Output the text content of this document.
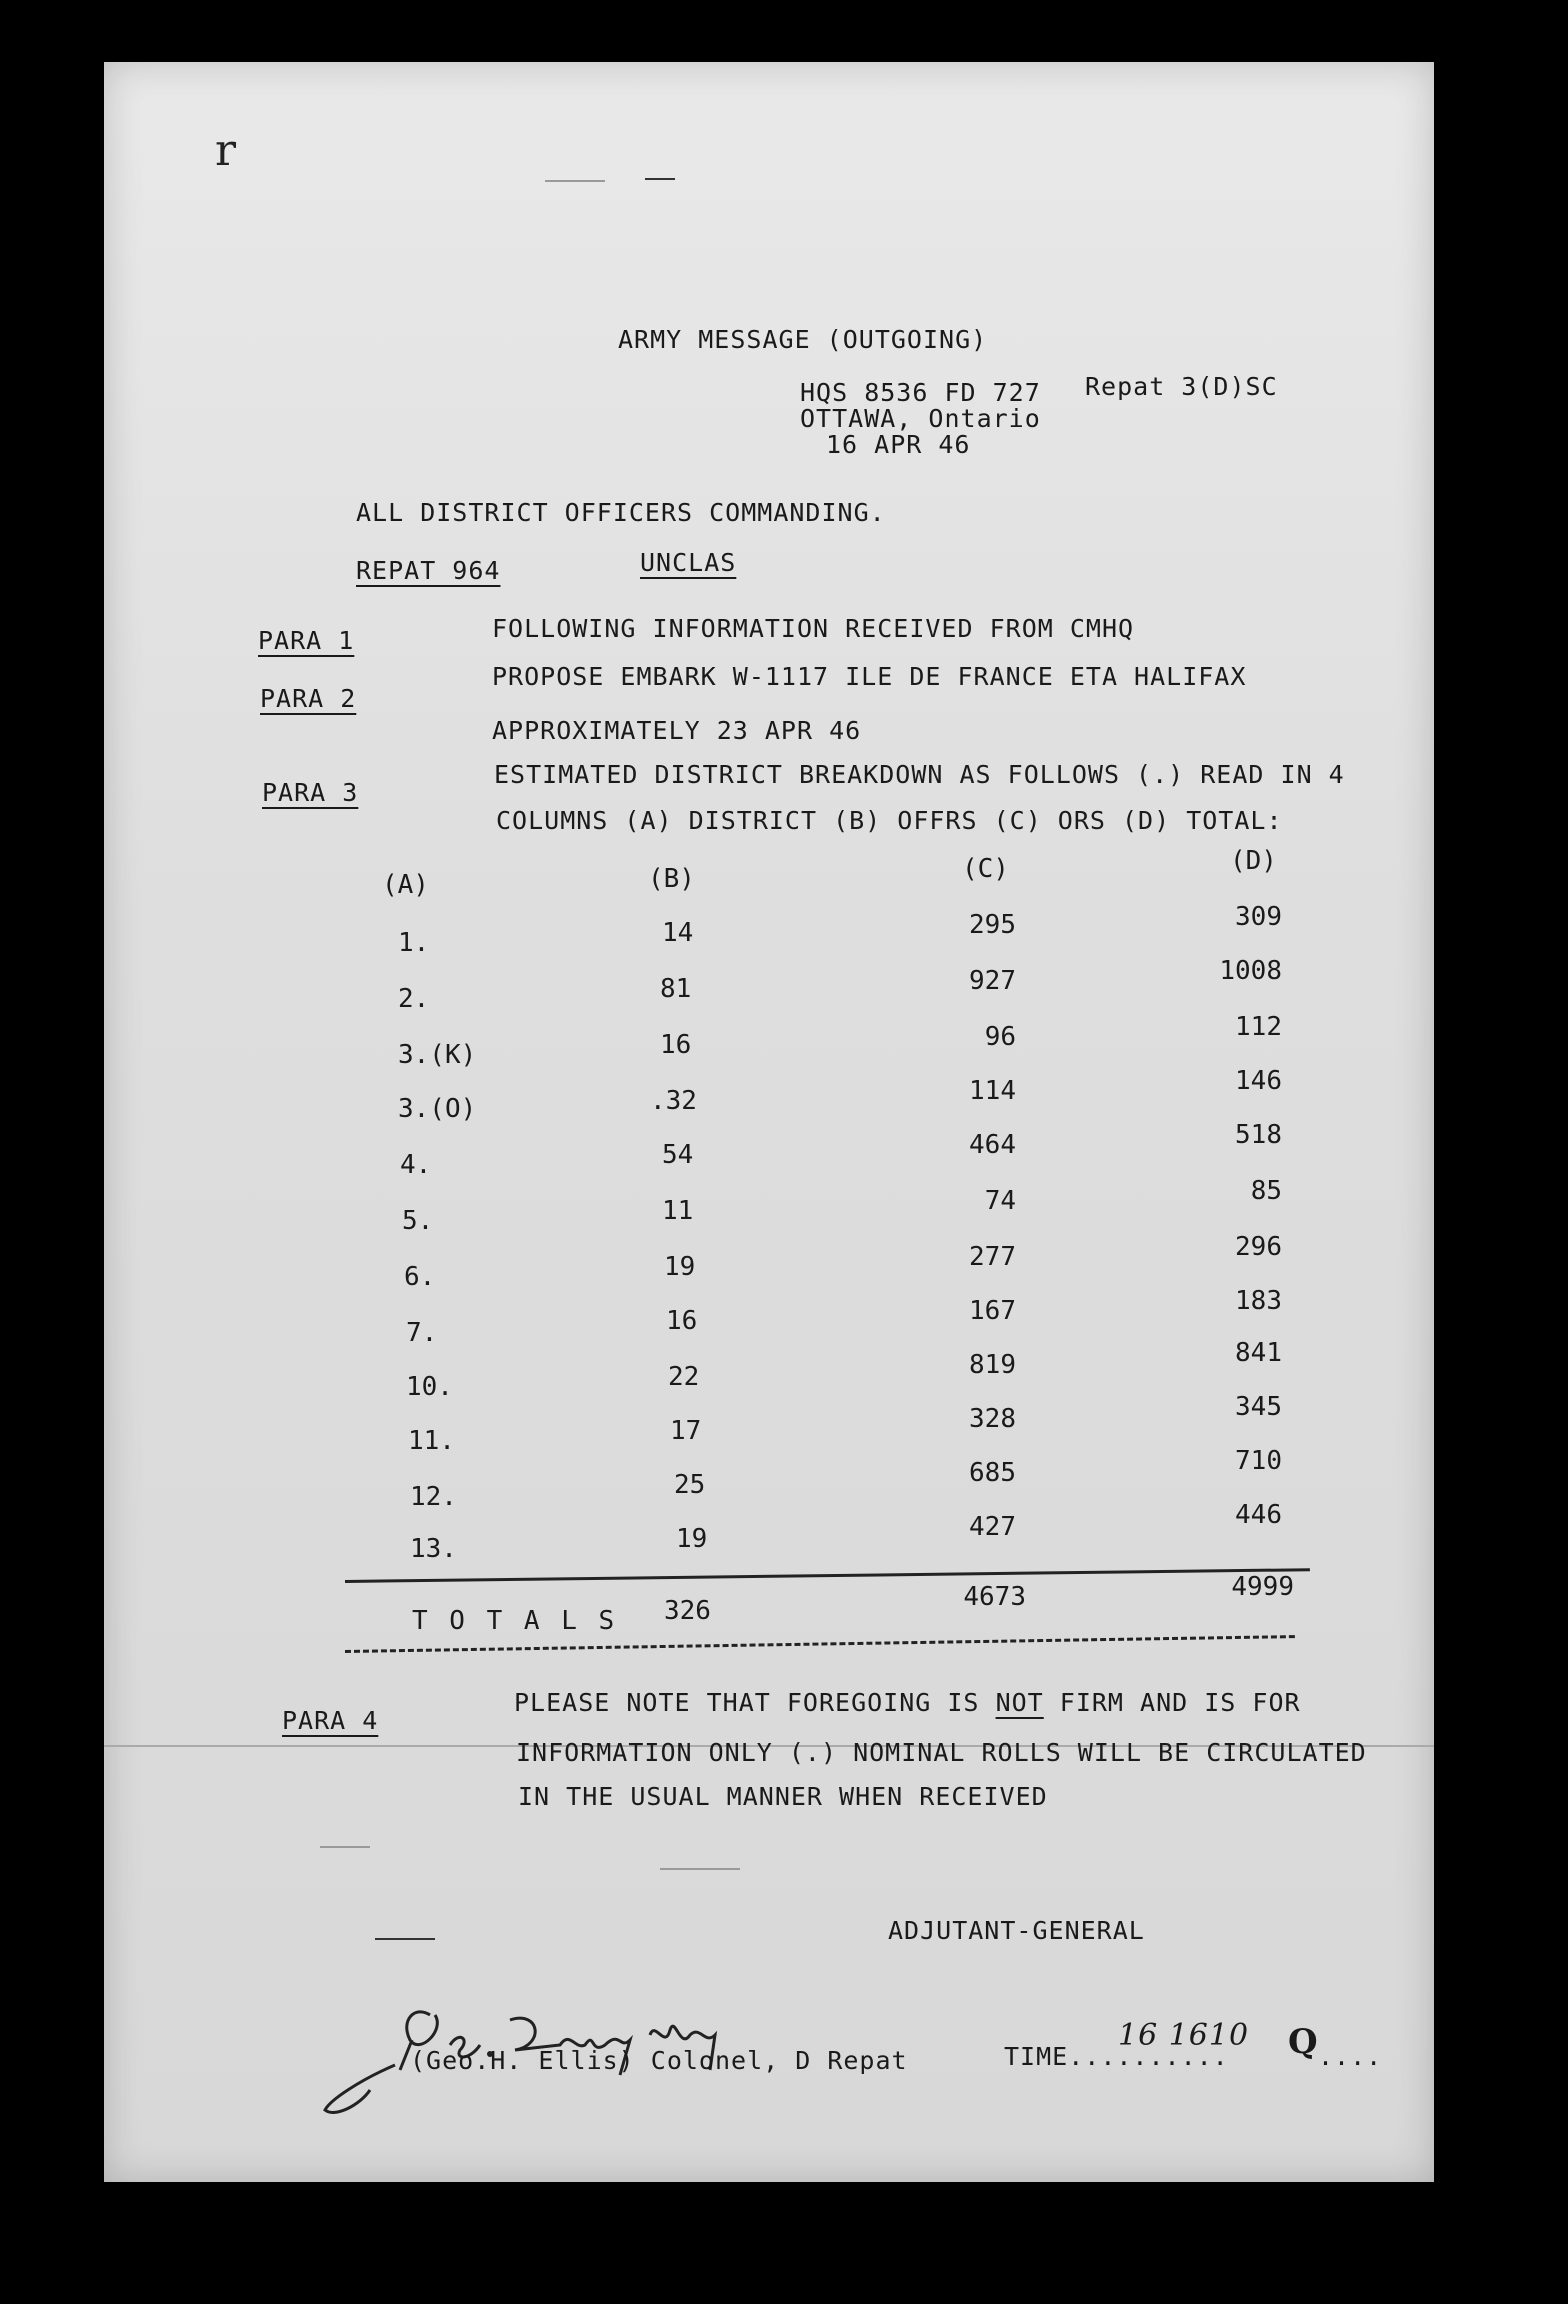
r
ARMY MESSAGE (OUTGOING)
HQS 8536 FD 727 Repat 3(D)SC
OTTAWA, Ontario
16 APR 46
ALL DISTRICT OFFICERS COMMANDING.
REPAT 964	UNCLAS
PARA 1	FOLLOWING INFORMATION RECEIVED FROM CMHQ
PARA 2
PROPOSE EMBARK W-1117 ILE DE FRANCE ETA HALIFAX
APPROXIMATELY 23 APR 46
PARA 3
ESTIMATED DISTRICT BREAKDOWN AS FOLLOWS (.) READ IN 4
COLUMNS (A) DISTRICT (B) OFFRS (C) ORS (D) TOTAL:
(A)	(B)	(C)	(D)
1.	14	295	309
2.	81	927	1008
3.(K)	16	96	112
3.(O)	.32	114	146
4.	54	464	518
5.	11	74	85
6.	19	277	296
7.	16	167	183
10.	22	819	841
11.	17	328	345
12.	25	685	710
13.	19	427	446
T O T A L S 326	4673	4999
PARA 4
PLEASE NOTE THAT FOREGOING IS NOT FIRM AND IS FOR
INFORMATION ONLY (.) NOMINAL ROLLS WILL BE CIRCULATED
IN THE USUAL MANNER WHEN RECEIVED
ADJUTANT-GENERAL
(Geo.H. Ellis) Colonel, D Repat	TIME..........
16 1610 Q ....
